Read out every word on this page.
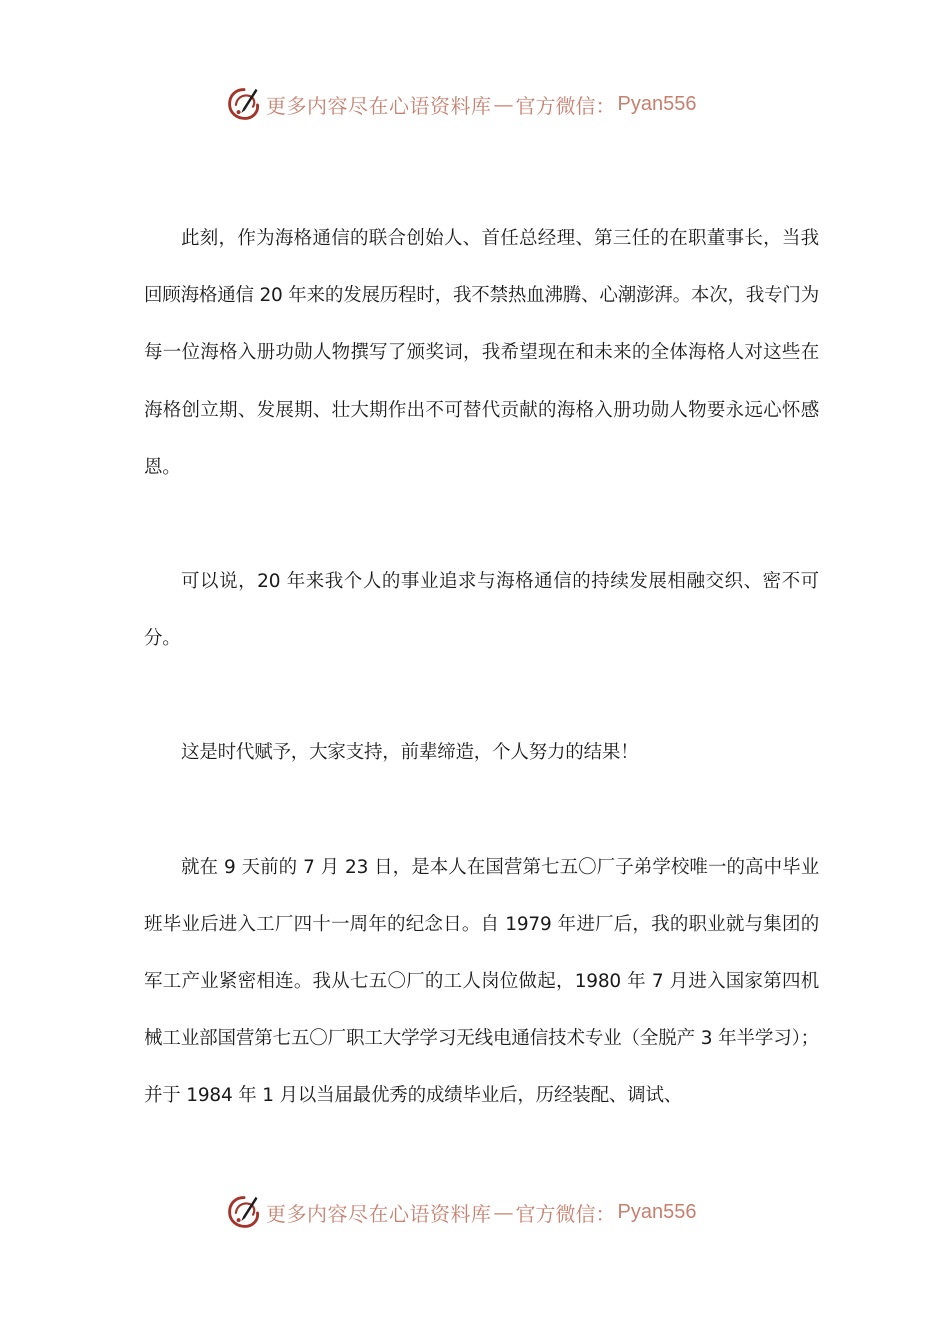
更多内容尽在心语资料库 — 官方微信： Pyan556

此刻，作为海格通信的联合创始人、首任总经理、第三任的在职董事长，当我回顾海格通信 20 年来的发展历程时，我不禁热血沸腾、心潮澎湃。本次，我专门为每一位海格入册功勋人物撰写了颁奖词，我希望现在和未来的全体海格人对这些在海格创立期、发展期、壮大期作出不可替代贡献的海格入册功勋人物要永远心怀感恩。

可以说，20 年来我个人的事业追求与海格通信的持续发展相融交织、密不可分。

这是时代赋予，大家支持，前辈缔造，个人努力的结果！

就在 9 天前的 7 月 23 日，是本人在国营第七五〇厂子弟学校唯一的高中毕业班毕业后进入工厂四十一周年的纪念日。自 1979 年进厂后，我的职业就与集团的军工产业紧密相连。我从七五〇厂的工人岗位做起，1980 年 7 月进入国家第四机械工业部国营第七五〇厂职工大学学习无线电通信技术专业（全脱产 3 年半学习）；并于 1984 年 1 月以当届最优秀的成绩毕业后，历经装配、调试、

更多内容尽在心语资料库 — 官方微信： Pyan556
